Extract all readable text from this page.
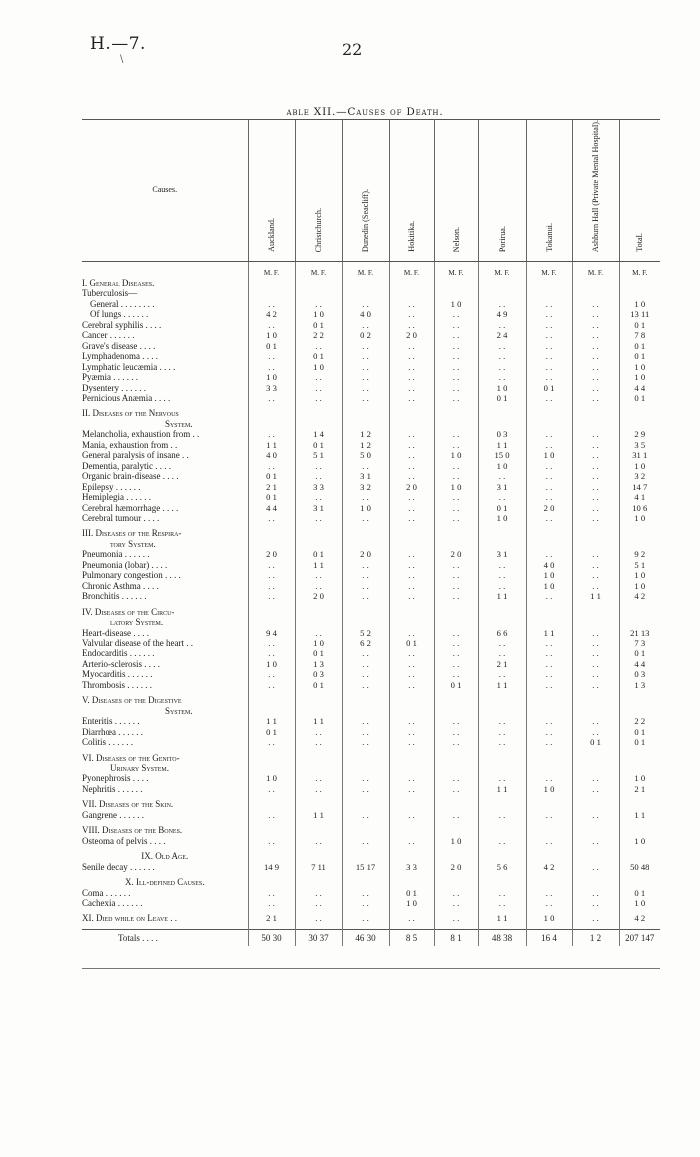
H.—7.
\
22
able XII.—Causes of Death.
Causes.	Auckland.	Christchurch.	Dunedin (Seacliff).	Hokitika.	Nelson.	Porirua.	Tokanui.	Ashburn Hall (Private Mental Hospital).	Total.
	M. F.	M. F.	M. F.	M. F.	M. F.	M. F.	M. F.	M. F.	M. F.
I. General Diseases.									
Tuberculosis—									
General . . . . . . . .	. .	. .	. .	. .	1 0	. .	. .	. .	1 0
Of lungs . . . . . .	4 2	1 0	4 0	. .	. .	4 9	. .	. .	13 11
Cerebral syphilis . . . .	. .	0 1	. .	. .	. .	. .	. .	. .	0 1
Cancer . . . . . .	1 0	2 2	0 2	2 0	. .	2 4	. .	. .	7 8
Grave's disease . . . .	0 1	. .	. .	. .	. .	. .	. .	. .	0 1
Lymphadenoma . . . .	. .	0 1	. .	. .	. .	. .	. .	. .	0 1
Lymphatic leucæmia . . . .	. .	1 0	. .	. .	. .	. .	. .	. .	1 0
Pyæmia . . . . . .	1 0	. .	. .	. .	. .	. .	. .	. .	1 0
Dysentery . . . . . .	3 3	. .	. .	. .	. .	1 0	0 1	. .	4 4
Pernicious Anæmia . . . .	. .	. .	. .	. .	. .	0 1	. .	. .	0 1

II. Diseases of the Nervous									
System.									
Melancholia, exhaustion from . .	. .	1 4	1 2	. .	. .	0 3	. .	. .	2 9
Mania, exhaustion from . .	1 1	0 1	1 2	. .	. .	1 1	. .	. .	3 5
General paralysis of insane . .	4 0	5 1	5 0	. .	1 0	15 0	1 0	. .	31 1
Dementia, paralytic . . . .	. .	. .	. .	. .	. .	1 0	. .	. .	1 0
Organic brain-disease . . . .	0 1	. .	3 1	. .	. .	. .	. .	. .	3 2
Epilepsy . . . . . .	2 1	3 3	3 2	2 0	1 0	3 1	. .	. .	14 7
Hemiplegia . . . . . .	0 1	. .	. .	. .	. .	. .	. .	. .	4 1
Cerebral hæmorrhage . . . .	4 4	3 1	1 0	. .	. .	0 1	2 0	. .	10 6
Cerebral tumour . . . .	. .	. .	. .	. .	. .	1 0	. .	. .	1 0

III. Diseases of the Respira-									
tory System.									
Pneumonia . . . . . .	2 0	0 1	2 0	. .	2 0	3 1	. .	. .	9 2
Pneumonia (lobar) . . . .	. .	1 1	. .	. .	. .	. .	4 0	. .	5 1
Pulmonary congestion . . . .	. .	. .	. .	. .	. .	. .	1 0	. .	1 0
Chronic Asthma . . . .	. .	. .	. .	. .	. .	. .	1 0	. .	1 0
Bronchitis . . . . . .	. .	2 0	. .	. .	. .	1 1	. .	1 1	4 2

IV. Diseases of the Circu-									
latory System.									
Heart-disease . . . .	9 4	. .	5 2	. .	. .	6 6	1 1	. .	21 13
Valvular disease of the heart . .	. .	1 0	6 2	0 1	. .	. .	. .	. .	7 3
Endocarditis . . . . . .	. .	0 1	. .	. .	. .	. .	. .	. .	0 1
Arterio-sclerosis . . . .	1 0	1 3	. .	. .	. .	2 1	. .	. .	4 4
Myocarditis . . . . . .	. .	0 3	. .	. .	. .	. .	. .	. .	0 3
Thrombosis . . . . . .	. .	0 1	. .	. .	0 1	1 1	. .	. .	1 3

V. Diseases of the Digestive									
System.									
Enteritis . . . . . .	1 1	1 1	. .	. .	. .	. .	. .	. .	2 2
Diarrhœa . . . . . .	0 1	. .	. .	. .	. .	. .	. .	. .	0 1
Colitis . . . . . .	. .	. .	. .	. .	. .	. .	. .	0 1	0 1

VI. Diseases of the Genito-									
Urinary System.									
Pyonephrosis . . . .	1 0	. .	. .	. .	. .	. .	. .	. .	1 0
Nephritis . . . . . .	. .	. .	. .	. .	. .	1 1	1 0	. .	2 1

VII. Diseases of the Skin.									
Gangrene . . . . . .	. .	1 1	. .	. .	. .	. .	. .	. .	1 1

VIII. Diseases of the Bones.									
Osteoma of pelvis . . . .	. .	. .	. .	. .	1 0	. .	. .	. .	1 0

IX. Old Age.									
Senile decay . . . . . .	14 9	7 11	15 17	3 3	2 0	5 6	4 2	. .	50 48

X. Ill-defined Causes.									
Coma . . . . . .	. .	. .	. .	0 1	. .	. .	. .	. .	0 1
Cachexia . . . . . .	. .	. .	. .	1 0	. .	. .	. .	. .	1 0

XI. Died while on Leave . .	2 1	. .	. .	. .	. .	1 1	1 0	. .	4 2

Totals . . . .	50 30	30 37	46 30	8 5	8 1	48 38	16 4	1 2	207 147
